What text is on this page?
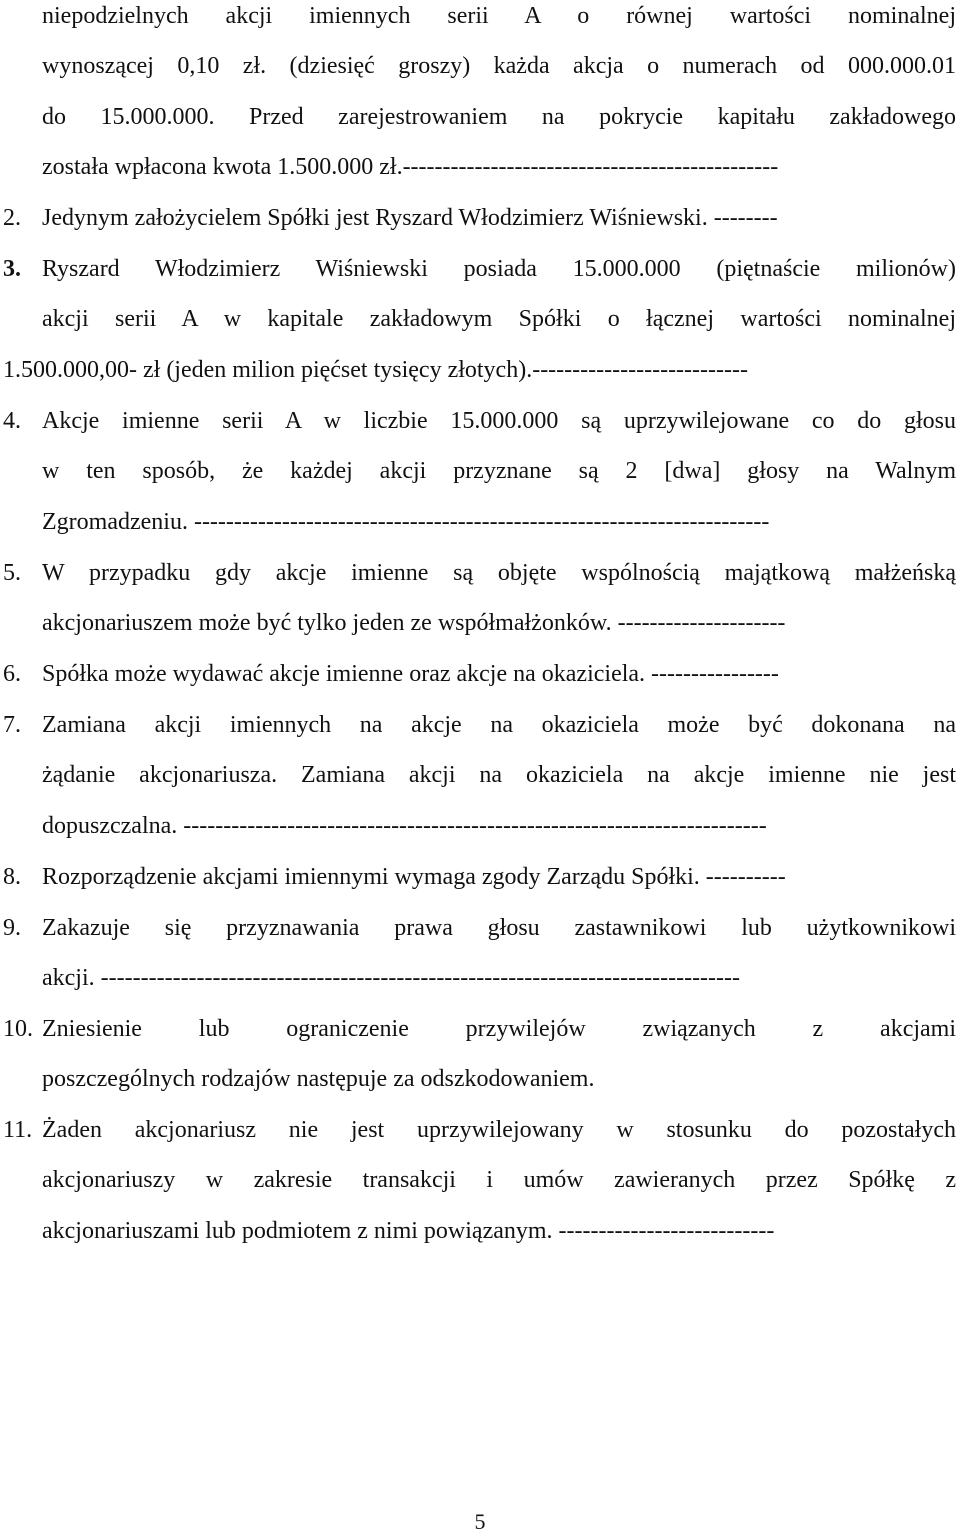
niepodzielnych akcji imiennych serii A o równej wartości nominalnej
wynoszącej 0,10 zł. (dziesięć groszy) każda akcja o numerach od 000.000.01
do 15.000.000. Przed zarejestrowaniem na pokrycie kapitału zakładowego
została wpłacona kwota 1.500.000 zł.-----------------------------------------------
2. Jedynym założycielem Spółki jest Ryszard Włodzimierz Wiśniewski. --------
3. Ryszard Włodzimierz Wiśniewski posiada 15.000.000 (piętnaście milionów)
akcji serii A w kapitale zakładowym Spółki o łącznej wartości nominalnej
1.500.000,00- zł (jeden milion pięćset tysięcy złotych).---------------------------
4. Akcje imienne serii A w liczbie 15.000.000 są uprzywilejowane co do głosu
w ten sposób, że każdej akcji przyznane są 2 [dwa] głosy na Walnym
Zgromadzeniu. ------------------------------------------------------------------------
5. W przypadku gdy akcje imienne są objęte wspólnością majątkową małżeńską
akcjonariuszem może być tylko jeden ze współmałżonków. ---------------------
6. Spółka może wydawać akcje imienne oraz akcje na okaziciela. ----------------
7. Zamiana akcji imiennych na akcje na okaziciela może być dokonana na
żądanie akcjonariusza. Zamiana akcji na okaziciela na akcje imienne nie jest
dopuszczalna. -------------------------------------------------------------------------
8. Rozporządzenie akcjami imiennymi wymaga zgody Zarządu Spółki. ----------
9. Zakazuje się przyznawania prawa głosu zastawnikowi lub użytkownikowi
akcji. --------------------------------------------------------------------------------
10. Zniesienie lub ograniczenie przywilejów związanych z akcjami
poszczególnych rodzajów następuje za odszkodowaniem.
11. Żaden akcjonariusz nie jest uprzywilejowany w stosunku do pozostałych
akcjonariuszy w zakresie transakcji i umów zawieranych przez Spółkę z
akcjonariuszami lub podmiotem z nimi powiązanym. ---------------------------
5
